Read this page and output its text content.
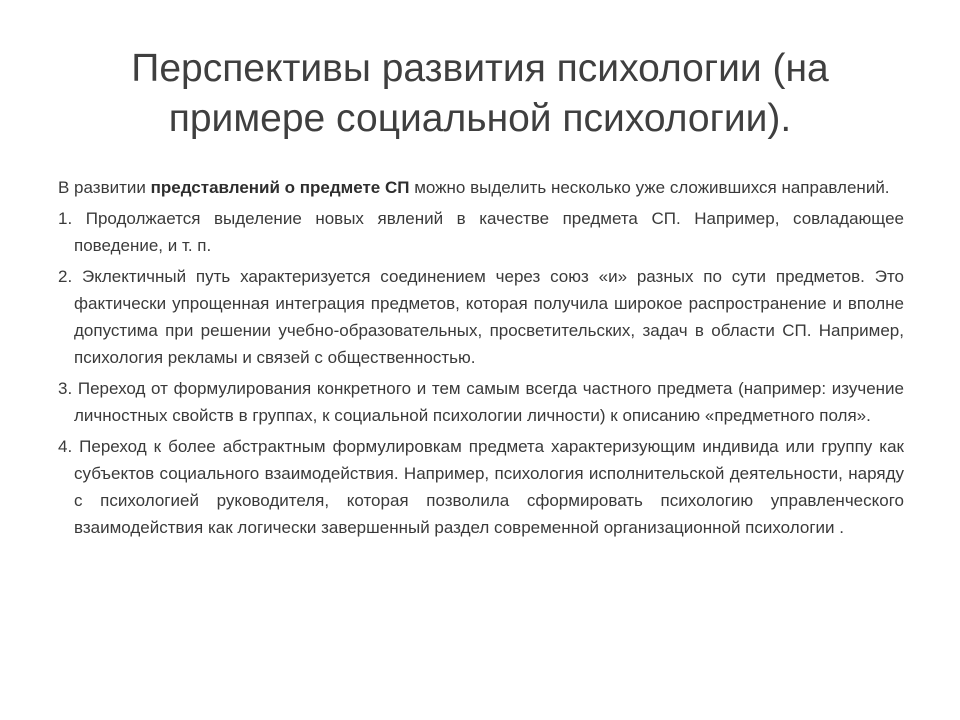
Перспективы развития психологии (на
примере социальной психологии).

В развитии представлений о предмете СП можно выделить несколько уже сложившихся направлений.

1. Продолжается выделение новых явлений в качестве предмета СП. Например, совладающее поведение, и т. п.

2. Эклектичный путь характеризуется соединением через союз «и» разных по сути предметов. Это фактически упрощенная интеграция предметов, которая получила широкое распространение и вполне допустима при решении учебно-образовательных, просветительских, задач в области СП. Например, психология рекламы и связей с общественностью.

3. Переход от формулирования конкретного и тем самым всегда частного предмета (например: изучение личностных свойств в группах, к социальной психологии личности) к описанию «предметного поля».

4. Переход к более абстрактным формулировкам предмета характеризующим индивида или группу как субъектов социального взаимодействия. Например, психология исполнительской деятельности, наряду с психологией руководителя, которая позволила сформировать психологию управленческого взаимодействия как логически завершенный раздел современной организационной психологии .
